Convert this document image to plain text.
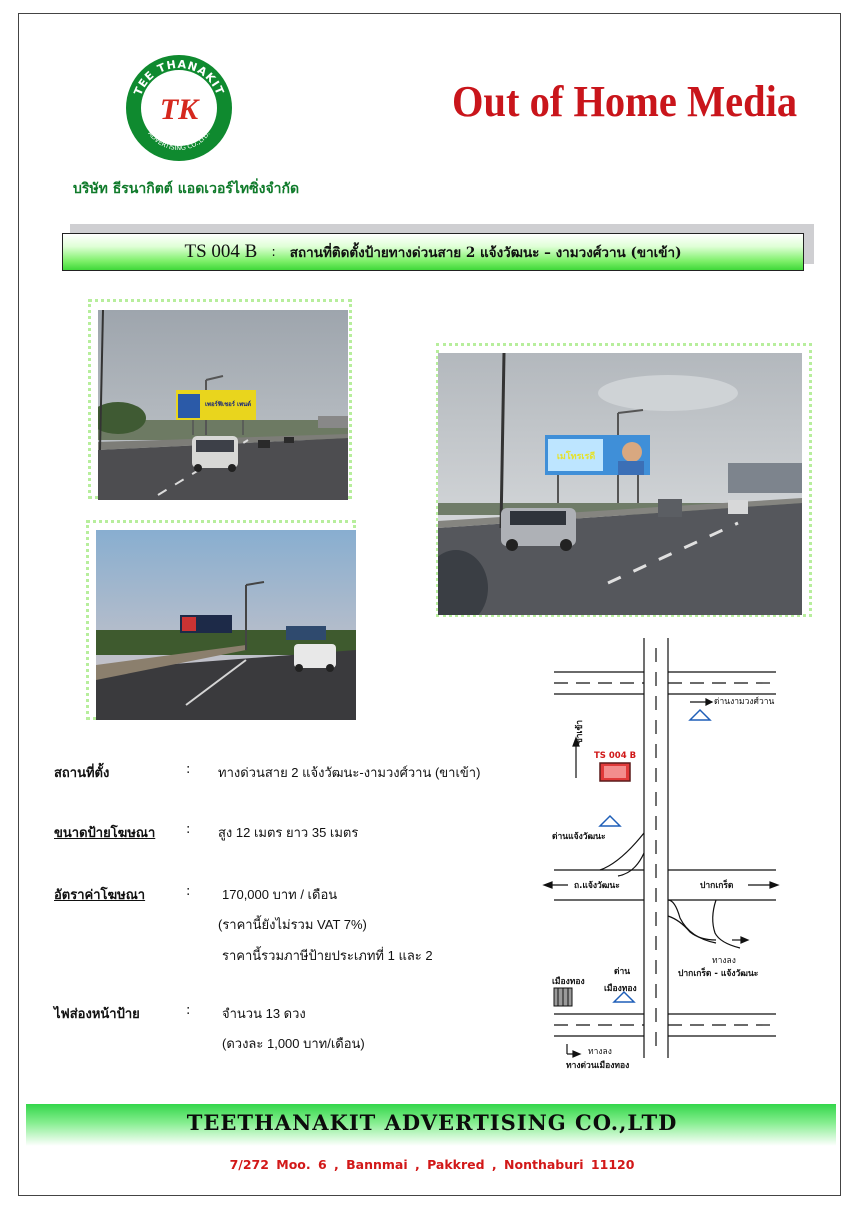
TEE THANAKIT
ADVERTISING CO.,LTD.
TK
บริษัท ธีรนากิตต์ แอดเวอร์ไทซิ่งจำกัด
Out of Home Media
TS 004 B : สถานที่ติดตั้งป้ายทางด่วนสาย 2 แจ้งวัฒนะ – งามวงศ์วาน (ขาเข้า)
เพอร์ฟิเชอร์ เพนต์
เมโทรเรดี
สถานที่ตั้ง	: ทางด่วนสาย 2 แจ้งวัฒนะ-งามวงศ์วาน (ขาเข้า)
ขนาดป้ายโฆษณา : สูง 12 เมตร ยาว 35 เมตร
อัตราค่าโฆษณา	: 170,000 บาท / เดือน
(ราคานี้ยังไม่รวม VAT 7%)
ราคานี้รวมภาษีป้ายประเภทที่ 1 และ 2
ไฟส่องหน้าป้าย	: จำนวน 13 ดวง
(ดวงละ 1,000 บาท/เดือน)
ด่านงามวงศ์วาน
ขาเข้า
TS 004 B
ด่านแจ้งวัฒนะ
ถ.แจ้งวัฒนะ	ปากเกร็ด
ทางลง
ปากเกร็ด - แจ้งวัฒนะ
เมืองทอง
ด่าน
เมืองทอง
ทางลง
ทางด่วนเมืองทอง
TEETHANAKIT ADVERTISING CO.,LTD
7/272 Moo. 6 , Bannmai , Pakkred , Nonthaburi 11120
